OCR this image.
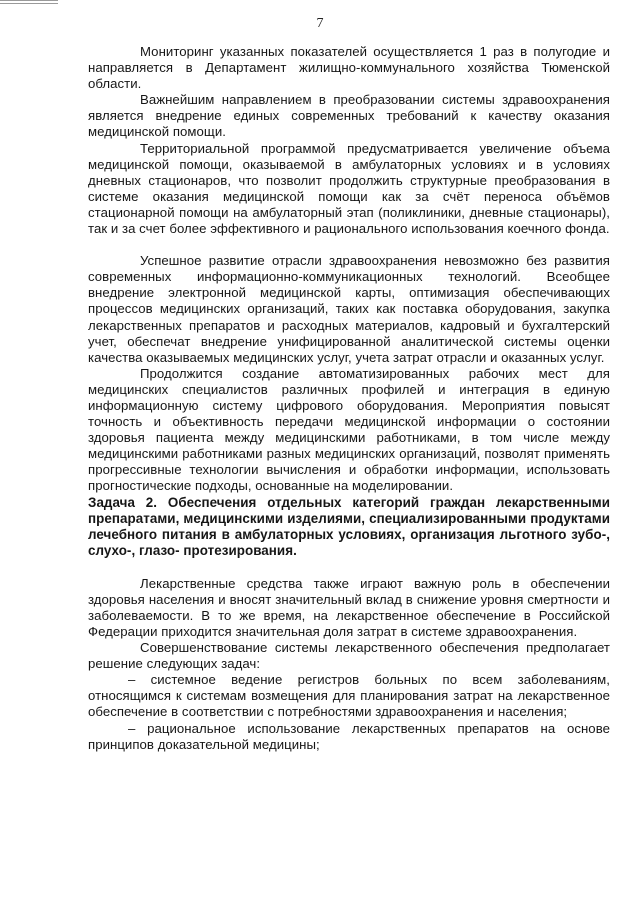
7

Мониторинг указанных показателей осуществляется 1 раз в полугодие и направляется в Департамент жилищно-коммунального хозяйства Тюменской области.

Важнейшим направлением в преобразовании системы здравоохранения является внедрение единых современных требований к качеству оказания медицинской помощи.

Территориальной программой предусматривается увеличение объема медицинской помощи, оказываемой в амбулаторных условиях и в условиях дневных стационаров, что позволит продолжить структурные преобразования в системе оказания медицинской помощи как за счёт переноса объёмов стационарной помощи на амбулаторный этап (поликлиники, дневные стационары), так и за счет более эффективного и рационального использования коечного фонда.

Успешное развитие отрасли здравоохранения невозможно без развития современных информационно-коммуникационных технологий. Всеобщее внедрение электронной медицинской карты, оптимизация обеспечивающих процессов медицинских организаций, таких как поставка оборудования, закупка лекарственных препаратов и расходных материалов, кадровый и бухгалтерский учет, обеспечат внедрение унифицированной аналитической системы оценки качества оказываемых медицинских услуг, учета затрат отрасли и оказанных услуг.

Продолжится создание автоматизированных рабочих мест для медицинских специалистов различных профилей и интеграция в единую информационную систему цифрового оборудования. Мероприятия повысят точность и объективность передачи медицинской информации о состоянии здоровья пациента между медицинскими работниками, в том числе между медицинскими работниками разных медицинских организаций, позволят применять прогрессивные технологии вычисления и обработки информации, использовать прогностические подходы, основанные на моделировании.

Задача 2. Обеспечения отдельных категорий граждан лекарственными препаратами, медицинскими изделиями, специализированными продуктами лечебного питания в амбулаторных условиях, организация льготного зубо-, слухо-, глазо- протезирования.

Лекарственные средства также играют важную роль в обеспечении здоровья населения и вносят значительный вклад в снижение уровня смертности и заболеваемости. В то же время, на лекарственное обеспечение в Российской Федерации приходится значительная доля затрат в системе здравоохранения.

Совершенствование системы лекарственного обеспечения предполагает решение следующих задач:

– системное ведение регистров больных по всем заболеваниям, относящимся к системам возмещения для планирования затрат на лекарственное обеспечение в соответствии с потребностями здравоохранения и населения;

– рациональное использование лекарственных препаратов на основе принципов доказательной медицины;
